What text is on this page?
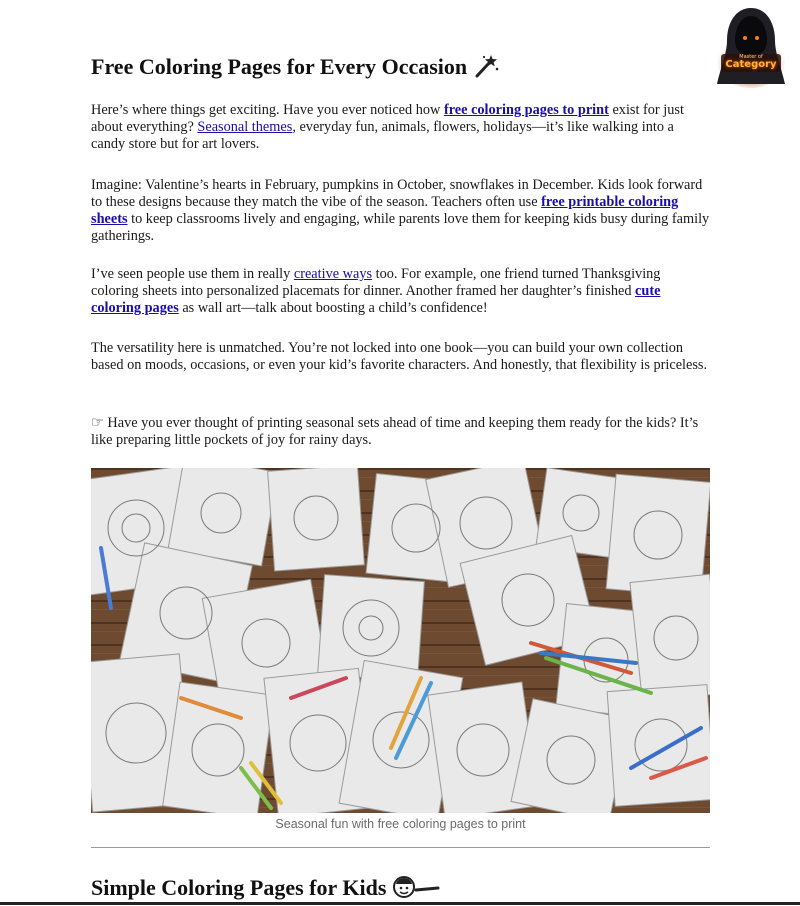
Master of
Category
Free Coloring Pages for Every Occasion

Here’s where things get exciting. Have you ever noticed how free coloring pages to print exist for just about everything? Seasonal themes, everyday fun, animals, flowers, holidays—it’s like walking into a candy store but for art lovers.

Imagine: Valentine’s hearts in February, pumpkins in October, snowflakes in December. Kids look forward to these designs because they match the vibe of the season. Teachers often use free printable coloring sheets to keep classrooms lively and engaging, while parents love them for keeping kids busy during family gatherings.

I’ve seen people use them in really creative ways too. For example, one friend turned Thanksgiving coloring sheets into personalized placemats for dinner. Another framed her daughter’s finished cute coloring pages as wall art—talk about boosting a child’s confidence!

The versatility here is unmatched. You’re not locked into one book—you can build your own collection based on moods, occasions, or even your kid’s favorite characters. And honestly, that flexibility is priceless.

☞ Have you ever thought of printing seasonal sets ahead of time and keeping them ready for the kids? It’s like preparing little pockets of joy for rainy days.

Simple Coloring Pages for Kids
Seasonal fun with free coloring pages to print
